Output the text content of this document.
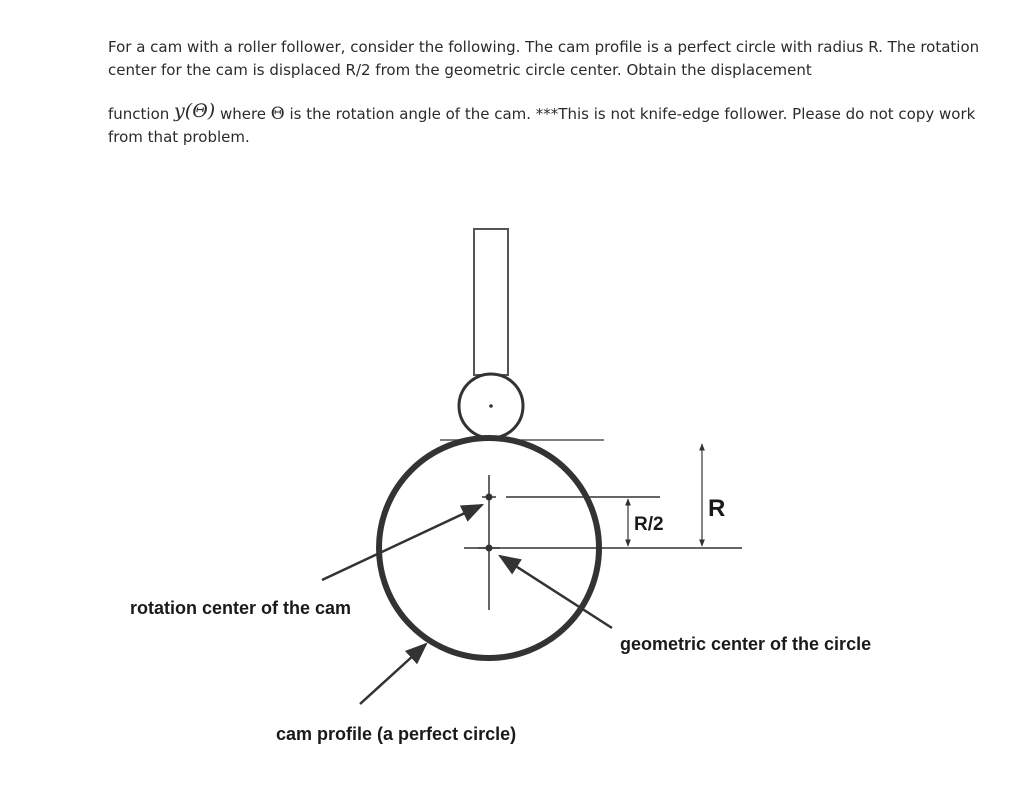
For a cam with a roller follower, consider the following. The cam profile is a perfect circle with radius R. The rotation center for the cam is displaced R/2 from the geometric circle center. Obtain the displacement

function y(Θ) where Θ is the rotation angle of the cam. ***This is not knife-edge follower. Please do not copy work from that problem.

R/2
R
rotation center of the cam
geometric center of the circle
cam profile (a perfect circle)
